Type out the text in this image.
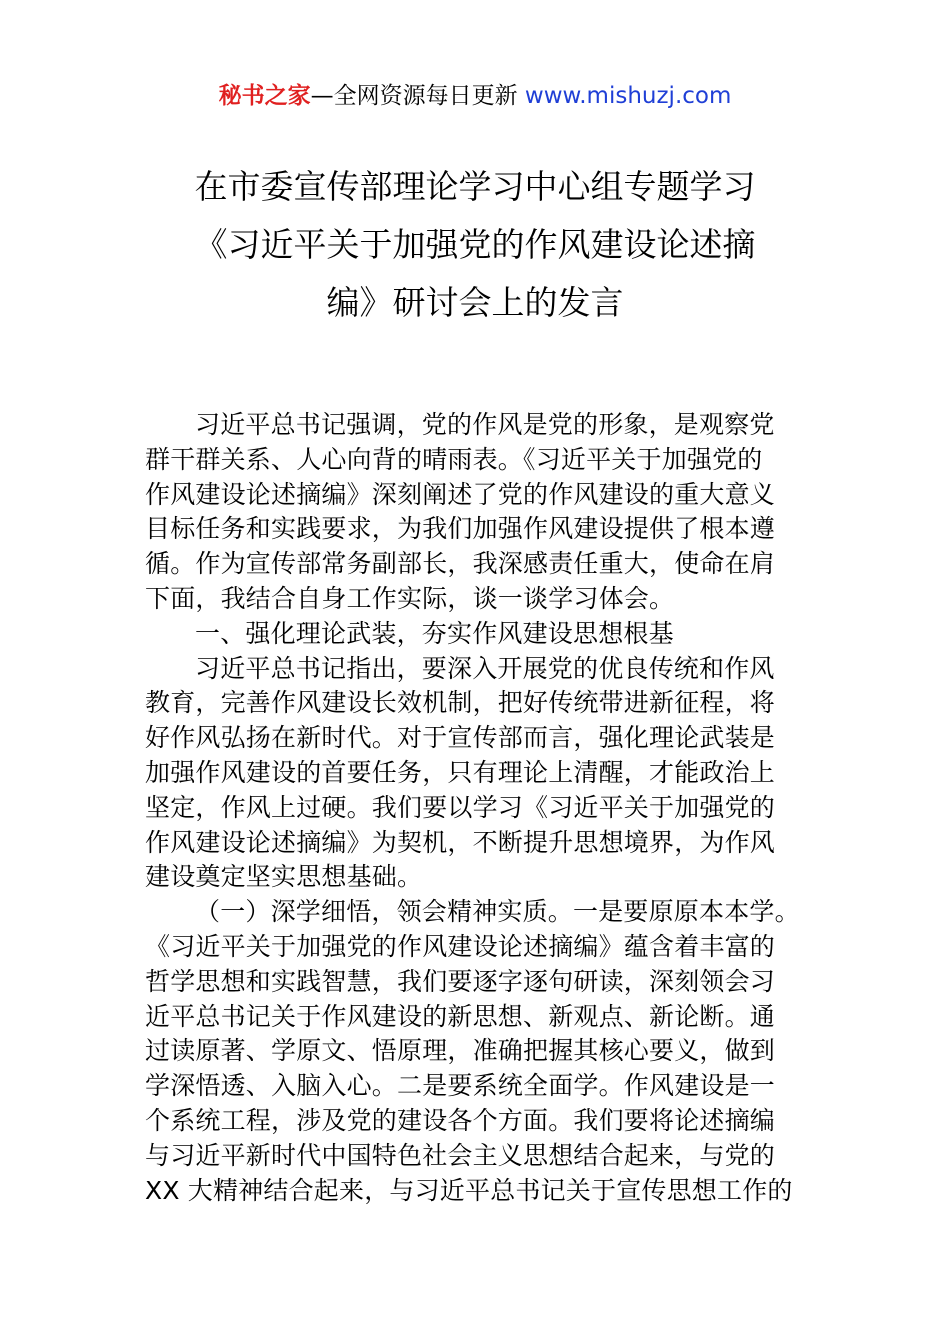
秘书之家—全网资源每日更新 www.mishuzj.com
在市委宣传部理论学习中心组专题学习
《习近平关于加强党的作风建设论述摘
编》研讨会上的发言
习近平总书记强调，党的作风是党的形象，是观察党
群干群关系、人心向背的晴雨表。《习近平关于加强党的
作风建设论述摘编》深刻阐述了党的作风建设的重大意义
目标任务和实践要求，为我们加强作风建设提供了根本遵
循。作为宣传部常务副部长，我深感责任重大，使命在肩
下面，我结合自身工作实际，谈一谈学习体会。
一、强化理论武装，夯实作风建设思想根基
习近平总书记指出，要深入开展党的优良传统和作风
教育，完善作风建设长效机制，把好传统带进新征程，将
好作风弘扬在新时代。对于宣传部而言，强化理论武装是
加强作风建设的首要任务，只有理论上清醒，才能政治上
坚定，作风上过硬。我们要以学习《习近平关于加强党的
作风建设论述摘编》为契机，不断提升思想境界，为作风
建设奠定坚实思想基础。
（一）深学细悟，领会精神实质。一是要原原本本学。
《习近平关于加强党的作风建设论述摘编》蕴含着丰富的
哲学思想和实践智慧，我们要逐字逐句研读，深刻领会习
近平总书记关于作风建设的新思想、新观点、新论断。通
过读原著、学原文、悟原理，准确把握其核心要义，做到
学深悟透、入脑入心。二是要系统全面学。作风建设是一
个系统工程，涉及党的建设各个方面。我们要将论述摘编
与习近平新时代中国特色社会主义思想结合起来，与党的
XX 大精神结合起来，与习近平总书记关于宣传思想工作的
